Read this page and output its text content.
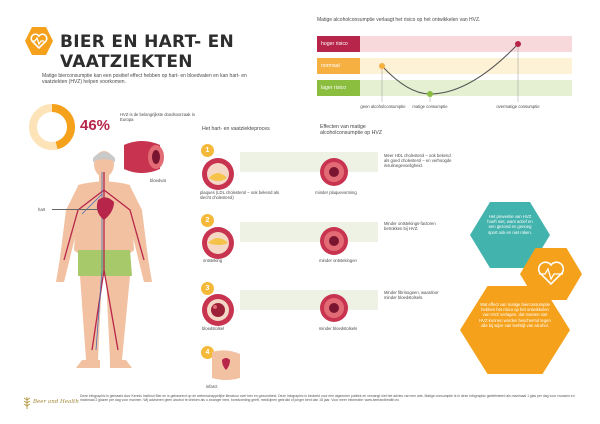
BIER EN HART- EN
VAATZIEKTEN
Matige bierconsumptie kan een positief effect hebben op hart- en bloedvaten en kan hart- en vaatziekten (HVZ) helpen voorkomen.
46%
HVZ is de belangrijkste doodsoorzaak in Europa
hart
bloedvat
Matige alcoholconsumptie verlaagt het risico op het ontwikkelen van HVZ.
hoger risico
normaal
lager risico
geen alcoholconsumptie	matige consumptie	overmatige consumptie
Het hart- en vaatziekteproces	Effecten van matige alcoholconsumptie op HVZ
1
plaques (LDL cholesterol – ook bekend als slecht cholesterol)
minder plaquevorming
Meer HDL cholesterol – ook bekend als goed cholesterol – en verhoogde insulinegevoeligheid.
2
ontsteking	minder ontstekingen
Minder ontstekings-factoren betrokken bij HVZ.
3
bloedstolsel	minder bloedstolsels
Minder fibrinogeen, waardoor minder bloedstolsels.
4
infarct
Het preventie van HVZ hoeft niet, want actief en een gezond en genoeg sport ook en niet roken.
Wat effect van matige bierconsumptie hebben het risico op het ontwikkelen van HVZ verlagen, dat moeten niet HVZ kunnen worden beschermd tegen alle bij wijze van leefstijl van alcohol.
Beer and Health
Deze infographic is gemaakt door Kennis Instituut Bier en is gebaseerd op de wetenschappelijke literatuur over bier en gezondheid. Deze infographic is bedoeld voor een algemeen publiek en vervangt niet het advies van een arts. Matige consumptie is in deze infographic gedefinieerd als maximaal 1 glas per dag voor vrouwen en maximaal 2 glazen per dag voor mannen. Wij adviseren geen alcohol te drinken als u zwanger bent, borstvoeding geeft, medicijnen gebruikt of jonger bent dan 18 jaar. Voor meer informatie: www.beerandhealth.eu
